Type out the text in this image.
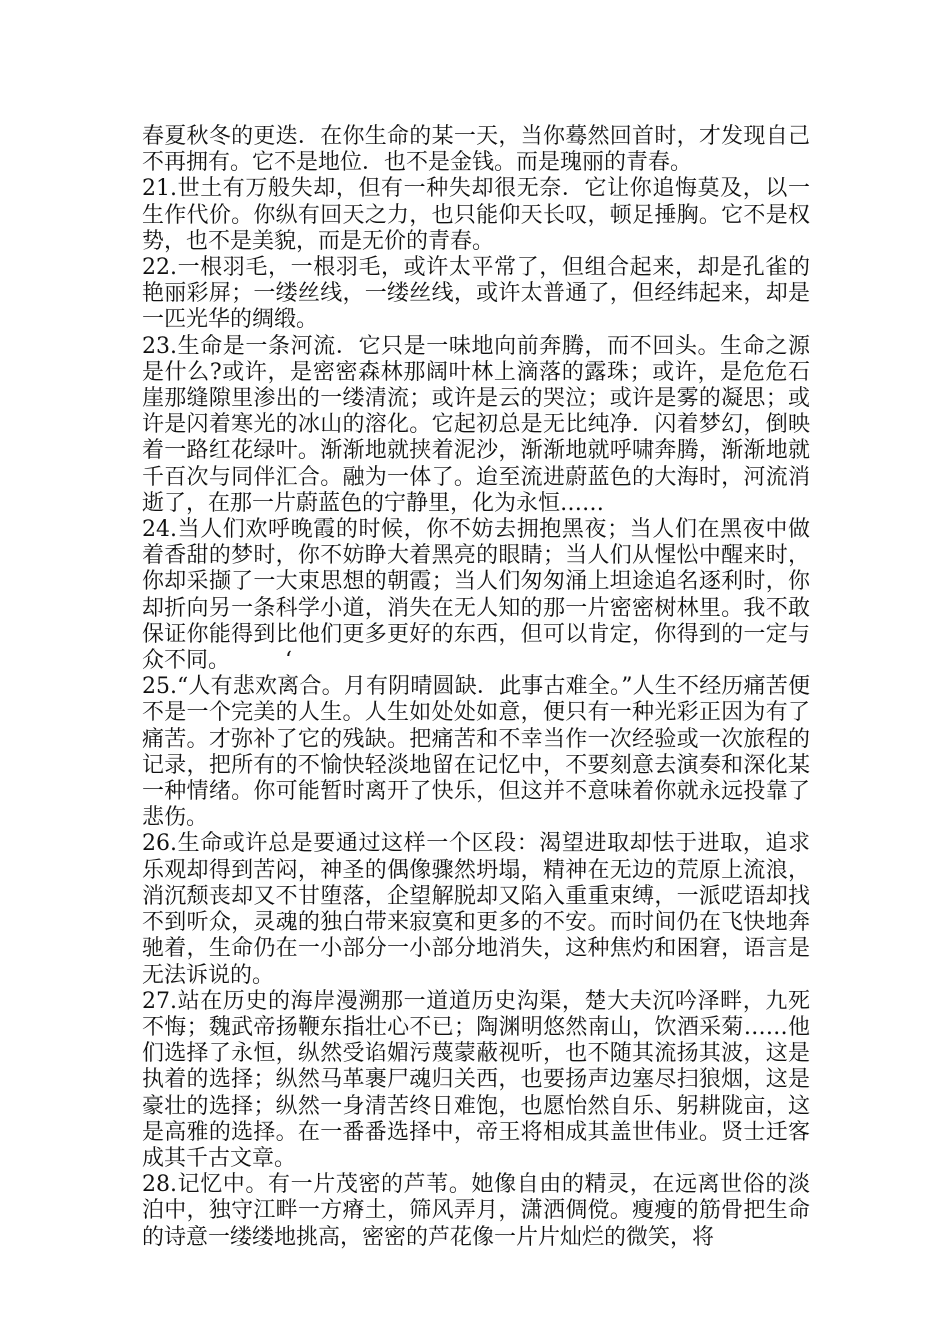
春夏秋冬的更迭．在你生命的某一天，当你蓦然回首时，才发现自己不再拥有。它不是地位．也不是金钱。而是瑰丽的青春。

21.世土有万般失却，但有一种失却很无奈．它让你追悔莫及，以一生作代价。你纵有回天之力，也只能仰天长叹，顿足捶胸。它不是权势，也不是美貌，而是无价的青春。

22.一根羽毛，一根羽毛，或许太平常了，但组合起来，却是孔雀的艳丽彩屏；一缕丝线，一缕丝线，或许太普通了，但经纬起来，却是一匹光华的绸缎。

23.生命是一条河流．它只是一味地向前奔腾，而不回头。生命之源是什么?或许，是密密森林那阔叶林上滴落的露珠；或许，是危危石崖那缝隙里渗出的一缕清流；或许是云的哭泣；或许是雾的凝思；或许是闪着寒光的冰山的溶化。它起初总是无比纯净．闪着梦幻，倒映着一路红花绿叶。渐渐地就挟着泥沙，渐渐地就呼啸奔腾，渐渐地就千百次与同伴汇合。融为一体了。迨至流进蔚蓝色的大海时，河流消逝了，在那一片蔚蓝色的宁静里，化为永恒……

24.当人们欢呼晚霞的时候，你不妨去拥抱黑夜；当人们在黑夜中做着香甜的梦时，你不妨睁大着黑亮的眼睛；当人们从惺忪中醒来时，你却采撷了一大束思想的朝霞；当人们匆匆涌上坦途追名逐利时，你却折向另一条科学小道，消失在无人知的那一片密密树林里。我不敢保证你能得到比他们更多更好的东西，但可以肯定，你得到的一定与众不同。　　　‘

25.“人有悲欢离合。月有阴晴圆缺．此事古难全。”人生不经历痛苦便不是一个完美的人生。人生如处处如意，便只有一种光彩正因为有了痛苦。才弥补了它的残缺。把痛苦和不幸当作一次经验或一次旅程的记录，把所有的不愉快轻淡地留在记忆中，不要刻意去演奏和深化某一种情绪。你可能暂时离开了快乐，但这并不意味着你就永远投靠了悲伤。

26.生命或许总是要通过这样一个区段：渴望进取却怯于进取，追求乐观却得到苦闷，神圣的偶像骤然坍塌，精神在无边的荒原上流浪，消沉颓丧却又不甘堕落，企望解脱却又陷入重重束缚，一派呓语却找不到听众，灵魂的独白带来寂寞和更多的不安。而时间仍在飞快地奔驰着，生命仍在一小部分一小部分地消失，这种焦灼和困窘，语言是无法诉说的。

27.站在历史的海岸漫溯那一道道历史沟渠，楚大夫沉吟泽畔，九死不悔；魏武帝扬鞭东指壮心不已；陶渊明悠然南山，饮酒采菊……他们选择了永恒，纵然受谄媚污蔑蒙蔽视听，也不随其流扬其波，这是执着的选择；纵然马革裹尸魂归关西，也要扬声边塞尽扫狼烟，这是豪壮的选择；纵然一身清苦终日难饱，也愿怡然自乐、躬耕陇亩，这是高雅的选择。在一番番选择中，帝王将相成其盖世伟业。贤士迁客成其千古文章。

28.记忆中。有一片茂密的芦苇。她像自由的精灵，在远离世俗的淡泊中，独守江畔一方瘠土，筛风弄月，潇洒倜傥。瘦瘦的筋骨把生命的诗意一缕缕地挑高，密密的芦花像一片片灿烂的微笑，将
